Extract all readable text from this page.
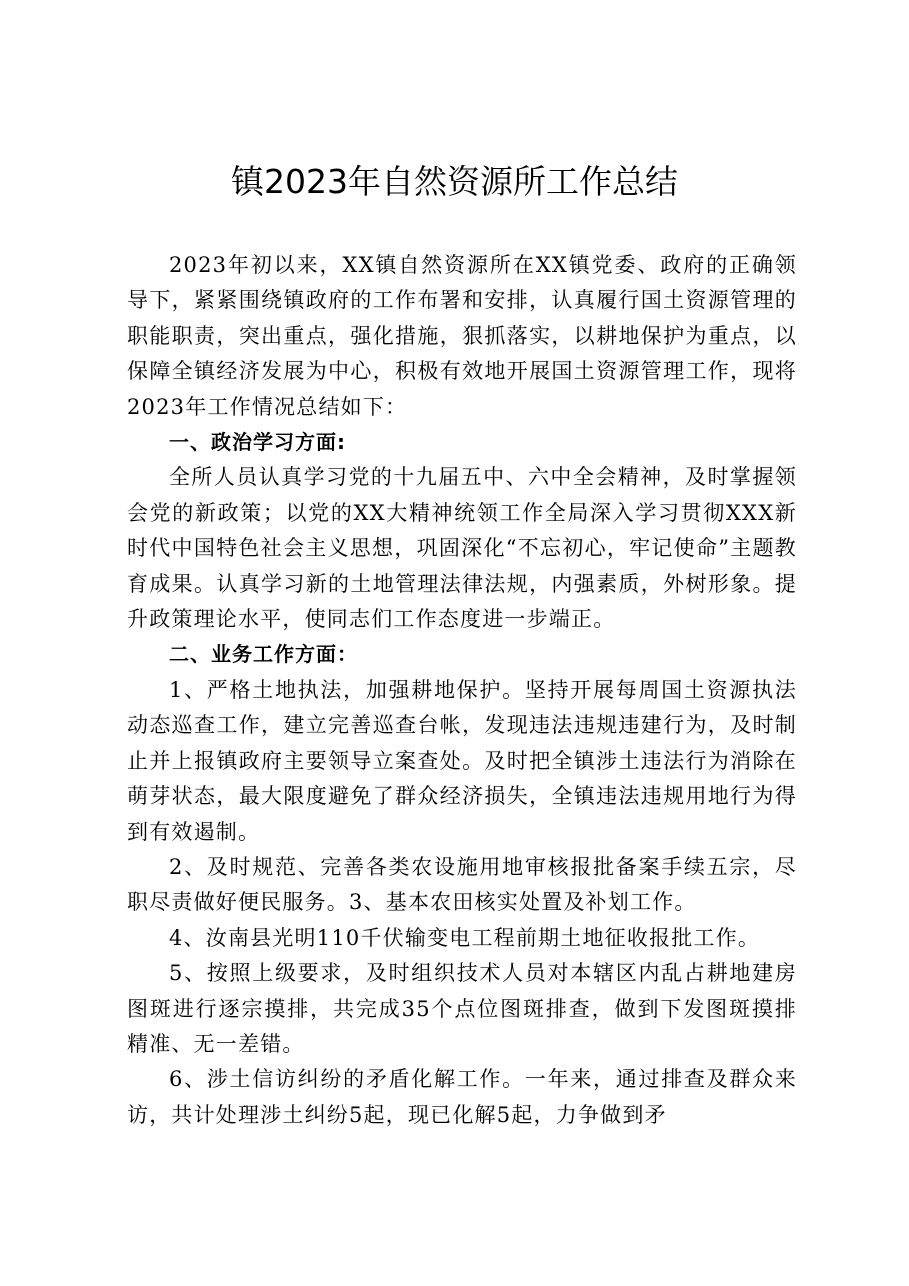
镇2023年自然资源所工作总结

2023年初以来，XX镇自然资源所在XX镇党委、政府的正确领导下，紧紧围绕镇政府的工作布署和安排，认真履行国土资源管理的职能职责，突出重点，强化措施，狠抓落实，以耕地保护为重点，以保障全镇经济发展为中心，积极有效地开展国土资源管理工作，现将2023年工作情况总结如下：

一、政治学习方面:

全所人员认真学习党的十九届五中、六中全会精神，及时掌握领会党的新政策；以党的XX大精神统领工作全局深入学习贯彻XXX新时代中国特色社会主义思想，巩固深化“不忘初心，牢记使命”主题教育成果。认真学习新的土地管理法律法规，内强素质，外树形象。提升政策理论水平，使同志们工作态度进一步端正。

二、业务工作方面：

1、严格土地执法，加强耕地保护。坚持开展每周国土资源执法动态巡查工作，建立完善巡查台帐，发现违法违规违建行为，及时制止并上报镇政府主要领导立案查处。及时把全镇涉土违法行为消除在萌芽状态，最大限度避免了群众经济损失，全镇违法违规用地行为得到有效遏制。

2、及时规范、完善各类农设施用地审核报批备案手续五宗，尽职尽责做好便民服务。3、基本农田核实处置及补划工作。

4、汝南县光明110千伏输变电工程前期土地征收报批工作。

5、按照上级要求，及时组织技术人员对本辖区内乱占耕地建房图斑进行逐宗摸排，共完成35个点位图斑排查，做到下发图斑摸排精准、无一差错。

6、涉土信访纠纷的矛盾化解工作。一年来，通过排查及群众来访，共计处理涉土纠纷5起，现已化解5起，力争做到矛
